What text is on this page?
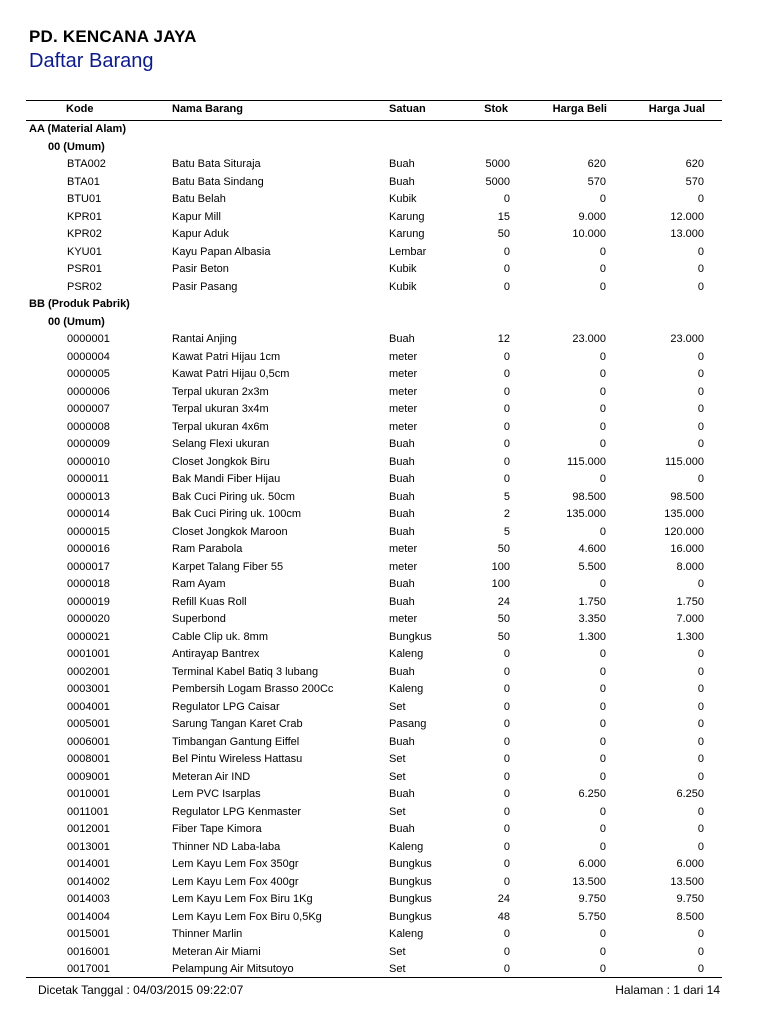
PD. KENCANA JAYA
Daftar Barang
Kode	Nama Barang	Satuan	Stok	Harga Beli	Harga Jual
AA (Material Alam)
00 (Umum)
BTA002	Batu Bata Situraja	Buah	5000	620	620
BTA01	Batu Bata Sindang	Buah	5000	570	570
BTU01	Batu Belah	Kubik	0	0	0
KPR01	Kapur Mill	Karung	15	9.000	12.000
KPR02	Kapur Aduk	Karung	50	10.000	13.000
KYU01	Kayu Papan Albasia	Lembar	0	0	0
PSR01	Pasir Beton	Kubik	0	0	0
PSR02	Pasir Pasang	Kubik	0	0	0
BB (Produk Pabrik)
00 (Umum)
0000001	Rantai Anjing	Buah	12	23.000	23.000
0000004	Kawat Patri Hijau 1cm	meter	0	0	0
0000005	Kawat Patri Hijau 0,5cm	meter	0	0	0
0000006	Terpal ukuran 2x3m	meter	0	0	0
0000007	Terpal ukuran 3x4m	meter	0	0	0
0000008	Terpal ukuran 4x6m	meter	0	0	0
0000009	Selang Flexi ukuran	Buah	0	0	0
0000010	Closet Jongkok Biru	Buah	0	115.000	115.000
0000011	Bak Mandi Fiber Hijau	Buah	0	0	0
0000013	Bak Cuci Piring uk. 50cm	Buah	5	98.500	98.500
0000014	Bak Cuci Piring uk. 100cm	Buah	2	135.000	135.000
0000015	Closet Jongkok Maroon	Buah	5	0	120.000
0000016	Ram Parabola	meter	50	4.600	16.000
0000017	Karpet Talang Fiber 55	meter	100	5.500	8.000
0000018	Ram Ayam	Buah	100	0	0
0000019	Refill Kuas Roll	Buah	24	1.750	1.750
0000020	Superbond	meter	50	3.350	7.000
0000021	Cable Clip uk. 8mm	Bungkus	50	1.300	1.300
0001001	Antirayap Bantrex	Kaleng	0	0	0
0002001	Terminal Kabel Batiq 3 lubang	Buah	0	0	0
0003001	Pembersih Logam Brasso 200Cc	Kaleng	0	0	0
0004001	Regulator LPG Caisar	Set	0	0	0
0005001	Sarung Tangan Karet Crab	Pasang	0	0	0
0006001	Timbangan Gantung Eiffel	Buah	0	0	0
0008001	Bel Pintu Wireless Hattasu	Set	0	0	0
0009001	Meteran Air IND	Set	0	0	0
0010001	Lem PVC Isarplas	Buah	0	6.250	6.250
0011001	Regulator LPG Kenmaster	Set	0	0	0
0012001	Fiber Tape Kimora	Buah	0	0	0
0013001	Thinner ND Laba-laba	Kaleng	0	0	0
0014001	Lem Kayu Lem Fox 350gr	Bungkus	0	6.000	6.000
0014002	Lem Kayu Lem Fox 400gr	Bungkus	0	13.500	13.500
0014003	Lem Kayu Lem Fox Biru 1Kg	Bungkus	24	9.750	9.750
0014004	Lem Kayu Lem Fox Biru 0,5Kg	Bungkus	48	5.750	8.500
0015001	Thinner Marlin	Kaleng	0	0	0
0016001	Meteran Air Miami	Set	0	0	0
0017001	Pelampung Air Mitsutoyo	Set	0	0	0
Dicetak Tanggal : 04/03/2015 09:22:07	Halaman : 1 dari 14
